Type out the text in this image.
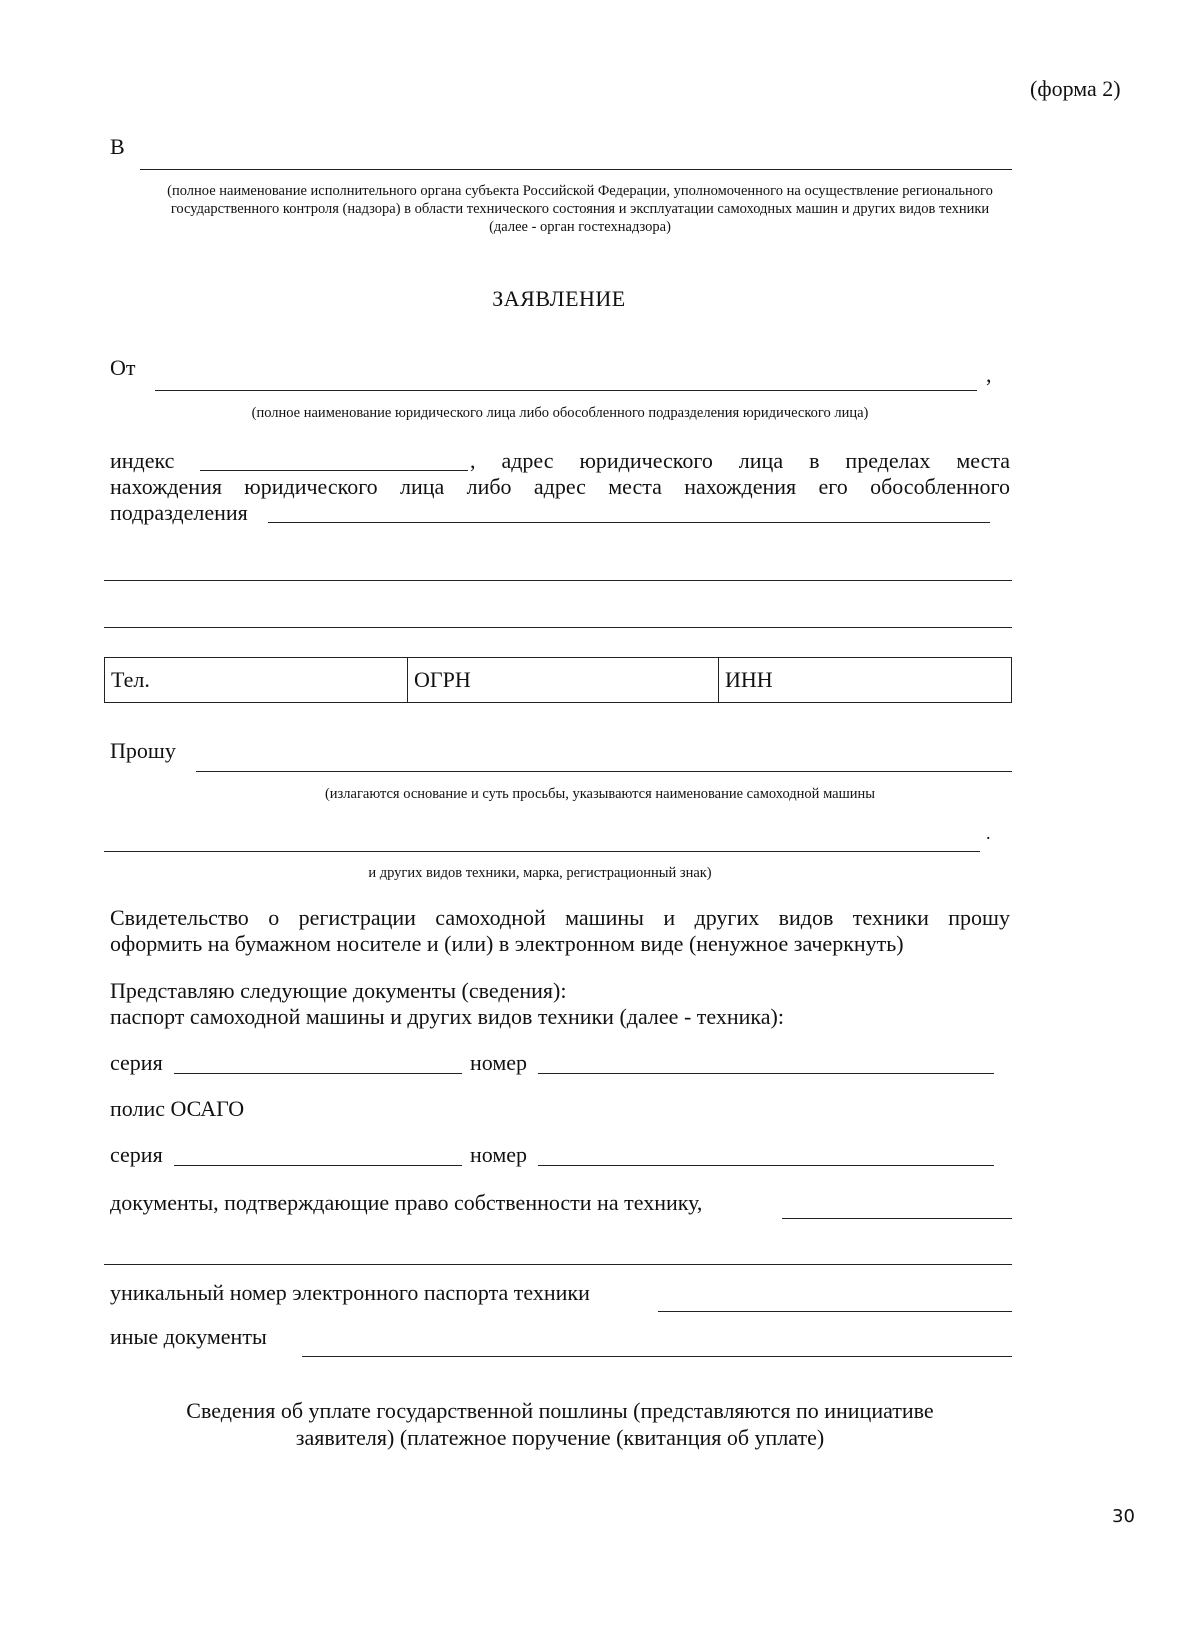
(форма 2)
В
(полное наименование исполнительного органа субъекта Российской Федерации, уполномоченного на осуществление регионального государственного контроля (надзора) в области технического состояния и эксплуатации самоходных машин и других видов техники (далее - орган гостехнадзора)
ЗАЯВЛЕНИЕ
От	,
(полное наименование юридического лица либо обособленного подразделения юридического лица)
индекс	, адрес юридического лица в пределах места
нахождения юридического лица либо адрес места нахождения его обособленного
подразделения
Тел.	ОГРН	ИНН
Прошу
(излагаются основание и суть просьбы, указываются наименование самоходной машины
.
и других видов техники, марка, регистрационный знак)
Свидетельство о регистрации самоходной машины и других видов техники прошу
оформить на бумажном носителе и (или) в электронном виде (ненужное зачеркнуть)
Представляю следующие документы (сведения):
паспорт самоходной машины и других видов техники (далее - техника):
серия	номер
полис ОСАГО
серия	номер
документы, подтверждающие право собственности на технику,
уникальный номер электронного паспорта техники
иные документы
Сведения об уплате государственной пошлины (представляются по инициативе
заявителя) (платежное поручение (квитанция об уплате)
30
